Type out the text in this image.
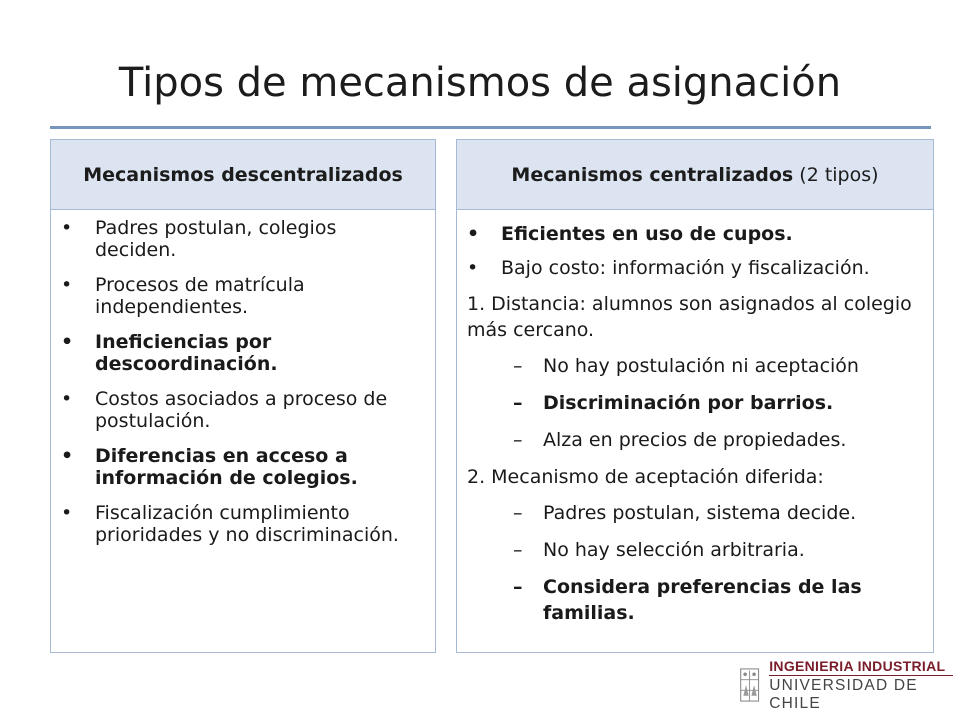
Tipos de mecanismos de asignación
Mecanismos descentralizados
• Padres postulan, colegios deciden.
• Procesos de matrícula independientes.
• Ineficiencias por descoordinación.
• Costos asociados a proceso de postulación.
• Diferencias en acceso a información de colegios.
• Fiscalización cumplimiento prioridades y no discriminación.
Mecanismos centralizados (2 tipos)
• Eficientes en uso de cupos.
• Bajo costo: información y fiscalización.

1. Distancia: alumnos son asignados al colegio más cercano.

– No hay postulación ni aceptación
– Discriminación por barrios.
– Alza en precios de propiedades.

2. Mecanismo de aceptación diferida:

– Padres postulan, sistema decide.
– No hay selección arbitraria.
– Considera preferencias de las familias.
INGENIERIA INDUSTRIAL
UNIVERSIDAD DE CHILE
